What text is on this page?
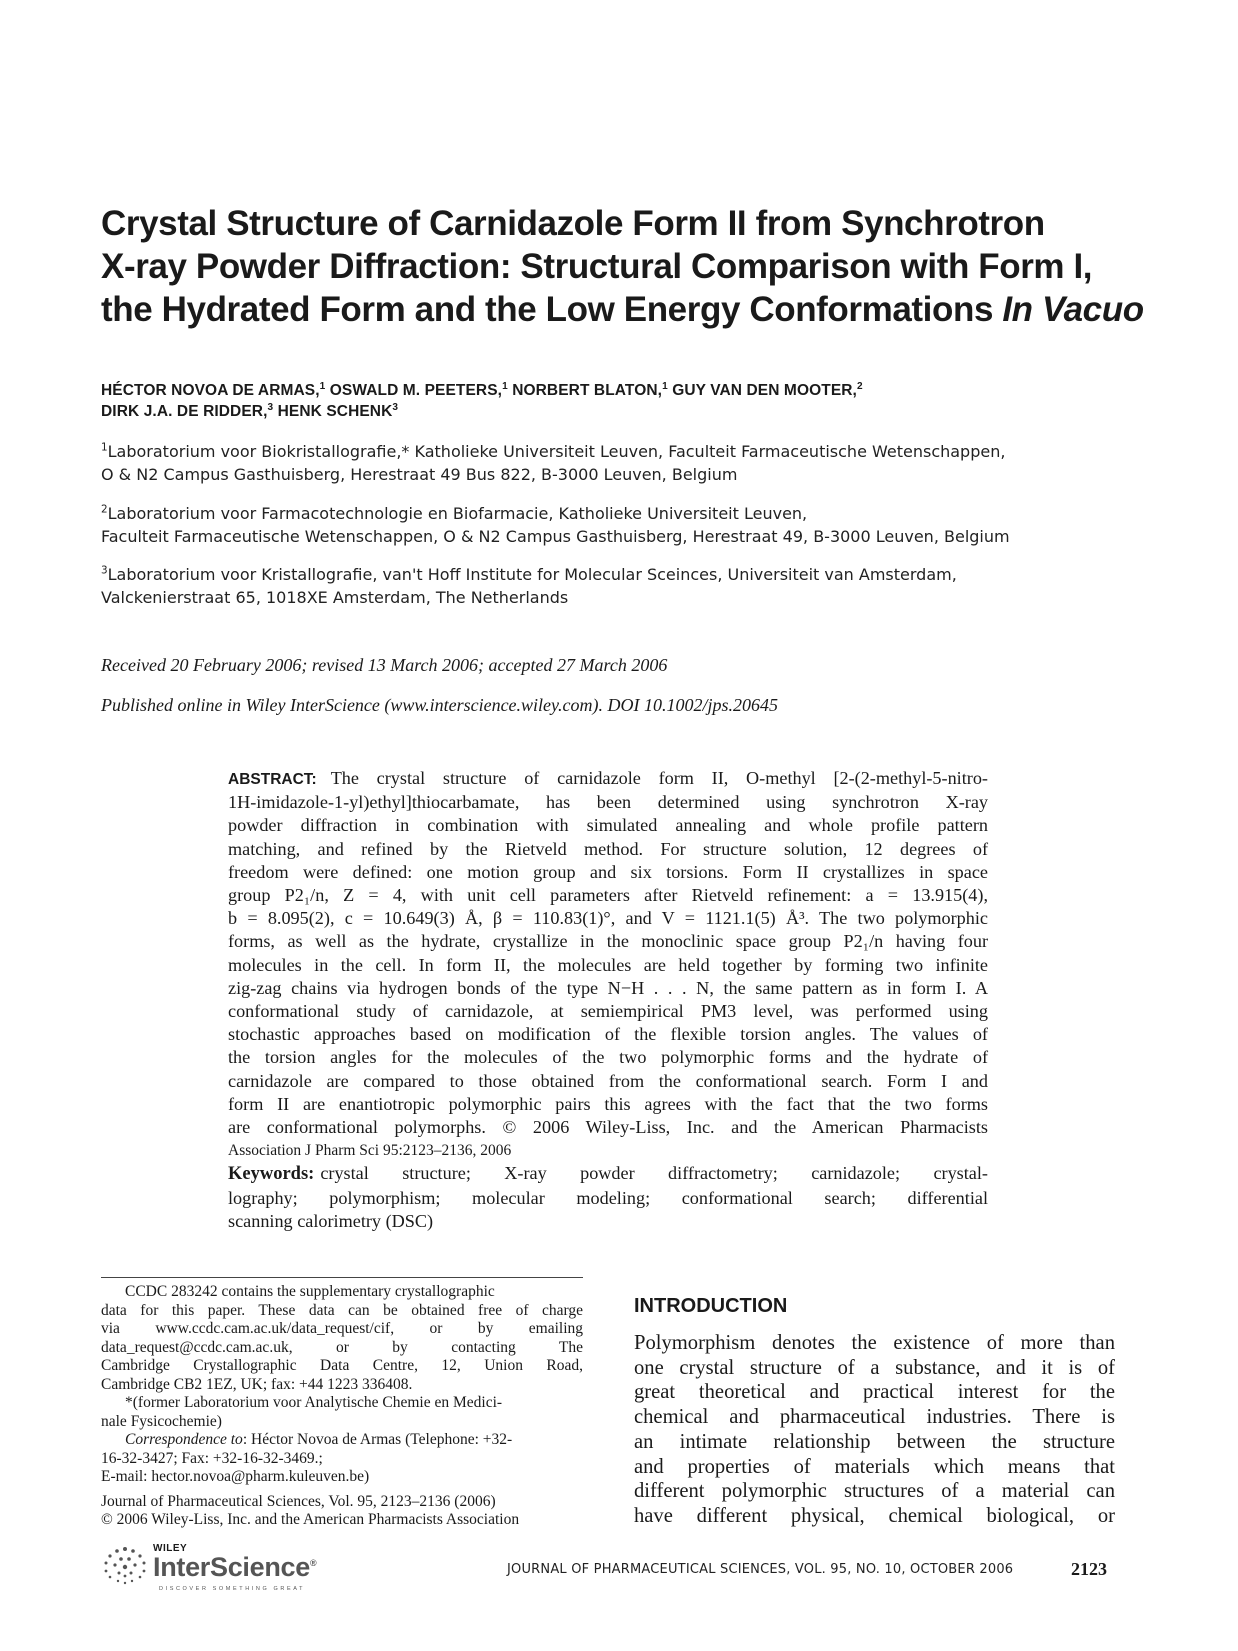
Crystal Structure of Carnidazole Form II from Synchrotron
X-ray Powder Diffraction: Structural Comparison with Form I,
the Hydrated Form and the Low Energy Conformations In Vacuo
HÉCTOR NOVOA DE ARMAS,$^1$ OSWALD M. PEETERS,$^1$ NORBERT BLATON,$^1$ GUY VAN DEN MOOTER,$^2$
DIRK J.A. DE RIDDER,$^3$ HENK SCHENK$^3$
$^1$Laboratorium voor Biokristallografie,* Katholieke Universiteit Leuven, Faculteit Farmaceutische Wetenschappen,
O & N2 Campus Gasthuisberg, Herestraat 49 Bus 822, B-3000 Leuven, Belgium
$^2$Laboratorium voor Farmacotechnologie en Biofarmacie, Katholieke Universiteit Leuven,
Faculteit Farmaceutische Wetenschappen, O & N2 Campus Gasthuisberg, Herestraat 49, B-3000 Leuven, Belgium
$^3$Laboratorium voor Kristallografie, van't Hoff Institute for Molecular Sceinces, Universiteit van Amsterdam,
Valckenierstraat 65, 1018XE Amsterdam, The Netherlands
Received 20 February 2006; revised 13 March 2006; accepted 27 March 2006
Published online in Wiley InterScience (www.interscience.wiley.com). DOI 10.1002/jps.20645
ABSTRACT: The crystal structure of carnidazole form II, O-methyl [2-(2-methyl-5-nitro-
1H-imidazole-1-yl)ethyl]thiocarbamate, has been determined using synchrotron X-ray
powder diffraction in combination with simulated annealing and whole profile pattern
matching, and refined by the Rietveld method. For structure solution, 12 degrees of
freedom were defined: one motion group and six torsions. Form II crystallizes in space
group P2₁/n, Z = 4, with unit cell parameters after Rietveld refinement: a = 13.915(4),
b = 8.095(2), c = 10.649(3) Å, β = 110.83(1)°, and V = 1121.1(5) Å³. The two polymorphic
forms, as well as the hydrate, crystallize in the monoclinic space group P2₁/n having four
molecules in the cell. In form II, the molecules are held together by forming two infinite
zig-zag chains via hydrogen bonds of the type N−H . . . N, the same pattern as in form I. A
conformational study of carnidazole, at semiempirical PM3 level, was performed using
stochastic approaches based on modification of the flexible torsion angles. The values of
the torsion angles for the molecules of the two polymorphic forms and the hydrate of
carnidazole are compared to those obtained from the conformational search. Form I and
form II are enantiotropic polymorphic pairs this agrees with the fact that the two forms
are conformational polymorphs. © 2006 Wiley-Liss, Inc. and the American Pharmacists
Association J Pharm Sci 95:2123–2136, 2006
Keywords: crystal structure; X-ray powder diffractometry; carnidazole; crystal-
lography; polymorphism; molecular modeling; conformational search; differential
scanning calorimetry (DSC)
CCDC 283242 contains the supplementary crystallographic
data for this paper. These data can be obtained free of charge
via www.ccdc.cam.ac.uk/data_request/cif, or by emailing
data_request@ccdc.cam.ac.uk, or by contacting The
Cambridge Crystallographic Data Centre, 12, Union Road,
Cambridge CB2 1EZ, UK; fax: +44 1223 336408.
*(former Laboratorium voor Analytische Chemie en Medici-
nale Fysicochemie)
Correspondence to: Héctor Novoa de Armas (Telephone: +32-
16-32-3427; Fax: +32-16-32-3469.;
E-mail: hector.novoa@pharm.kuleuven.be)
Journal of Pharmaceutical Sciences, Vol. 95, 2123–2136 (2006)
© 2006 Wiley-Liss, Inc. and the American Pharmacists Association
INTRODUCTION
Polymorphism denotes the existence of more than
one crystal structure of a substance, and it is of
great theoretical and practical interest for the
chemical and pharmaceutical industries. There is
an intimate relationship between the structure
and properties of materials which means that
different polymorphic structures of a material can
have different physical, chemical biological, or
WILEY
InterScience®
DISCOVER SOMETHING GREAT
JOURNAL OF PHARMACEUTICAL SCIENCES, VOL. 95, NO. 10, OCTOBER 2006	2123
